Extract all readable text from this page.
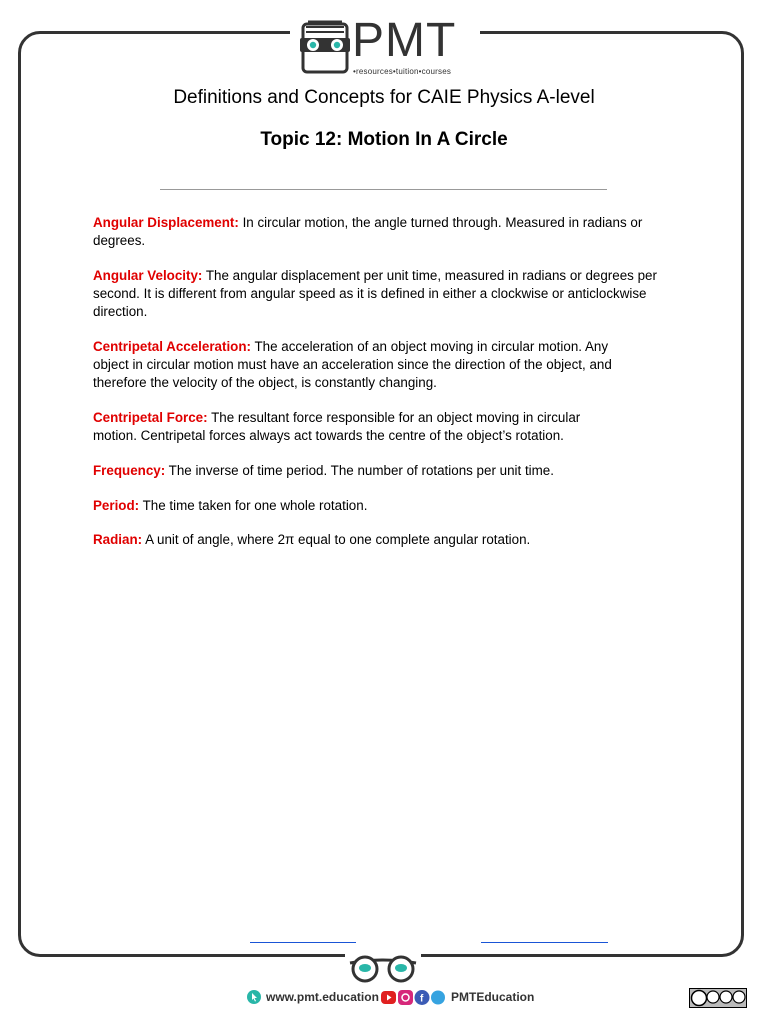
PMT
•resources•tuition•courses
Definitions and Concepts for CAIE Physics A-level
Topic 12: Motion In A Circle
Angular Displacement: In circular motion, the angle turned through. Measured in radians or degrees.
Angular Velocity: The angular displacement per unit time, measured in radians or degrees per second. It is different from angular speed as it is defined in either a clockwise or anticlockwise direction.
Centripetal Acceleration: The acceleration of an object moving in circular motion. Any object in circular motion must have an acceleration since the direction of the object, and therefore the velocity of the object, is constantly changing.
Centripetal Force: The resultant force responsible for an object moving in circular motion. Centripetal forces always act towards the centre of the object’s rotation.
Frequency: The inverse of time period. The number of rotations per unit time.
Period: The time taken for one whole rotation.
Radian: A unit of angle, where 2π equal to one complete angular rotation.
www.pmt.education	f PMTEducation
